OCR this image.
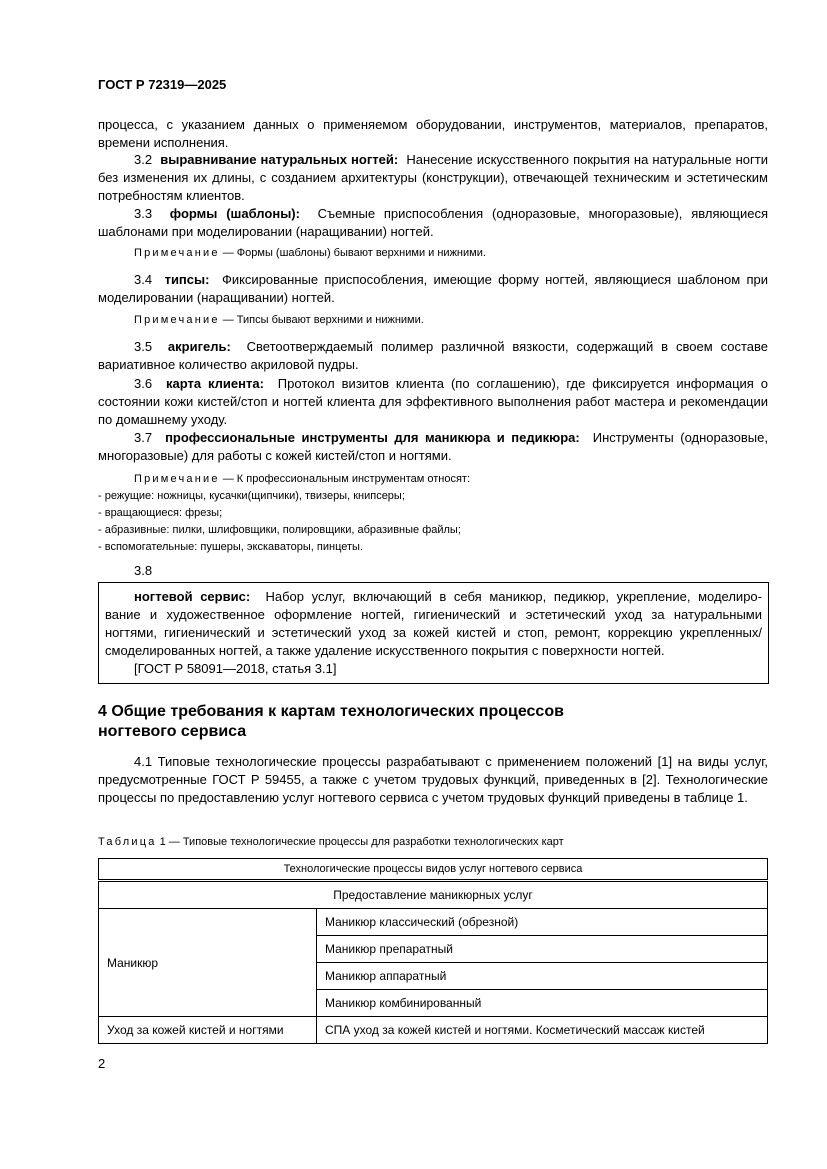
ГОСТ Р 72319—2025
процесса, с указанием данных о применяемом оборудовании, инструментов, материалов, препаратов, времени исполнения.
3.2 выравнивание натуральных ногтей: Нанесение искусственного покрытия на натуральные ногти без изменения их длины, с созданием архитектуры (конструкции), отвечающей техническим и эстетическим потребностям клиентов.
3.3 формы (шаблоны): Съемные приспособления (одноразовые, многоразовые), являющиеся шаблонами при моделировании (наращивании) ногтей.
Примечание — Формы (шаблоны) бывают верхними и нижними.
3.4 типсы: Фиксированные приспособления, имеющие форму ногтей, являющиеся шаблоном при моделировании (наращивании) ногтей.
Примечание — Типсы бывают верхними и нижними.
3.5 акригель: Светоотверждаемый полимер различной вязкости, содержащий в своем составе вариативное количество акриловой пудры.
3.6 карта клиента: Протокол визитов клиента (по соглашению), где фиксируется информация о состоянии кожи кистей/стоп и ногтей клиента для эффективного выполнения работ мастера и рекомендации по домашнему уходу.
3.7 профессиональные инструменты для маникюра и педикюра: Инструменты (одноразовые, многоразовые) для работы с кожей кистей/стоп и ногтями.
Примечание — К профессиональным инструментам относят:
- режущие: ножницы, кусачки(щипчики), твизеры, книпсеры;
- вращающиеся: фрезы;
- абразивные: пилки, шлифовщики, полировщики, абразивные файлы;
- вспомогательные: пушеры, экскаваторы, пинцеты.
3.8
ногтевой сервис: Набор услуг, включающий в себя маникюр, педикюр, укрепление, моделиро-
вание и художественное оформление ногтей, гигиенический и эстетический уход за натуральными
ногтями, гигиенический и эстетический уход за кожей кистей и стоп, ремонт, коррекцию укрепленных/
смоделированных ногтей, а также удаление искусственного покрытия с поверхности ногтей.
[ГОСТ Р 58091—2018, статья 3.1]
4 Общие требования к картам технологических процессов
ногтевого сервиса
4.1 Типовые технологические процессы разрабатывают с применением положений [1] на виды услуг, предусмотренные ГОСТ Р 59455, а также с учетом трудовых функций, приведенных в [2]. Технологические процессы по предоставлению услуг ногтевого сервиса с учетом трудовых функций приведены в таблице 1.
Таблица 1 — Типовые технологические процессы для разработки технологических карт
Технологические процессы видов услуг ногтевого сервиса	
Предоставление маникюрных услуг	
Маникюр	Маникюр классический (обрезной)
	Маникюр препаратный
	Маникюр аппаратный
	Маникюр комбинированный
Уход за кожей кистей и ногтями	СПА уход за кожей кистей и ногтями. Косметический массаж кистей
2
